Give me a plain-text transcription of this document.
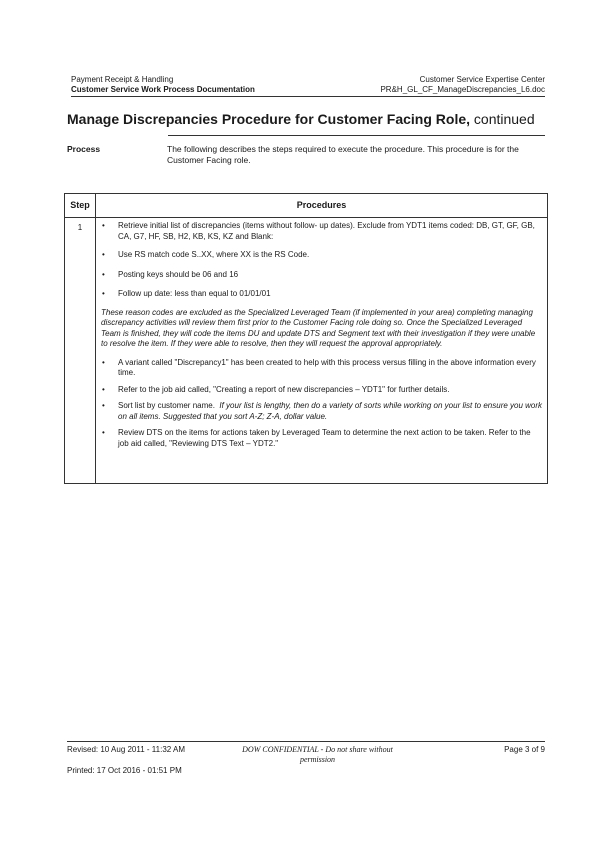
Payment Receipt & Handling
Customer Service Work Process Documentation
Customer Service Expertise Center
PR&H_GL_CF_ManageDiscrepancies_L6.doc
Manage Discrepancies Procedure for Customer Facing Role, continued
Process	The following describes the steps required to execute the procedure. This procedure is for the Customer Facing role.
Step	Procedures
1	• Retrieve initial list of discrepancies (items without follow- up dates). Exclude from YDT1 items coded: DB, GT, GF, GB, CA, G7, HF, SB, H2, KB, KS, KZ and Blank:

• Use RS match code S..XX, where XX is the RS Code.

• Posting keys should be 06 and 16

• Follow up date: less than equal to 01/01/01

These reason codes are excluded as the Specialized Leveraged Team (if implemented in your area) completing managing discrepancy activities will review them first prior to the Customer Facing role doing so. Once the Specialized Leveraged Team is finished, they will code the items DU and update DTS and Segment text with their investigation if they were unable to resolve the item. If they were able to resolve, then they will request the approval appropriately.

• A variant called "Discrepancy1" has been created to help with this process versus filling in the above information every time.

• Refer to the job aid called, "Creating a report of new discrepancies – YDT1" for further details.

• Sort list by customer name. If your list is lengthy, then do a variety of sorts while working on your list to ensure you work on all items. Suggested that you sort A-Z; Z-A, dollar value.

• Review DTS on the items for actions taken by Leveraged Team to determine the next action to be taken. Refer to the job aid called, "Reviewing DTS Text – YDT2."

Revised: 10 Aug 2011 - 11:32 AM	DOW CONFIDENTIAL - Do not share without permission
Page 3 of 9
Printed: 17 Oct 2016 - 01:51 PM
